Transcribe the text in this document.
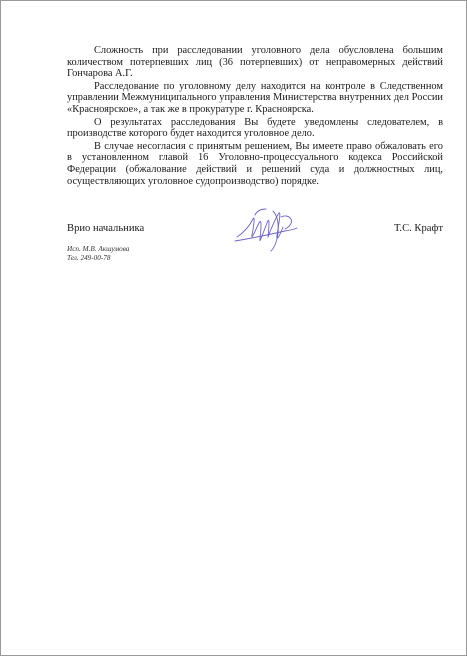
Сложность при расследовании уголовного дела обусловлена большим количеством потерпевших лиц (36 потерпевших) от неправомерных действий Гончарова А.Г.

Расследование по уголовному делу находится на контроле в Следственном управлении Межмуниципального управления Министерства внутренних дел России «Красноярское», а так же в прокуратуре г. Красноярска.

О результатах расследования Вы будете уведомлены следователем, в производстве которого будет находится уголовное дело.

В случае несогласия с принятым решением, Вы имеете право обжаловать его в установленном главой 16 Уголовно-процессуального кодекса Российской Федерации (обжалование действий и решений суда и должностных лиц, осуществляющих уголовное судопроизводство) порядке.

Врио начальника	Т.С. Крафт
Исп. М.В. Акшумова
Тел. 249-00-78
